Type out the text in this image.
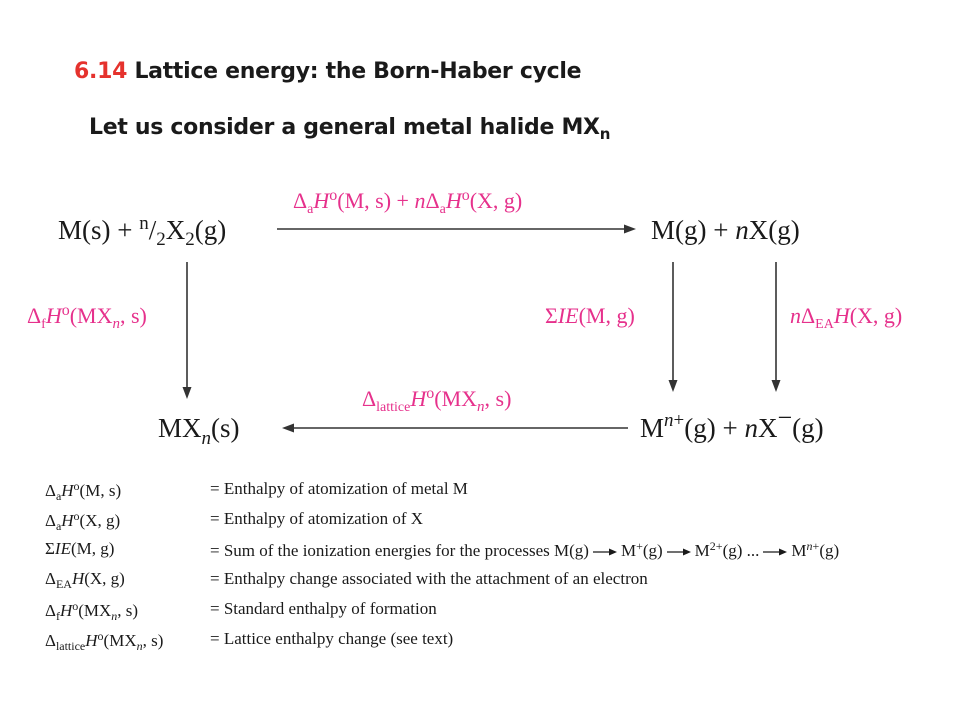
6.14 Lattice energy: the Born-Haber cycle
Let us consider a general metal halide $MX_n$
$M(s) + ^n/_2X_2(g)$	M(g) + nX(g)
$MX_n(s)$	$M^n+(g) + nX-(g)$
$\Delta_aH^o(M$, $s) + n\Delta_aH^o(X$, g)
$\Delta_fH^o(MX_n$, s)	ΣIE(M, g)	$n\Delta_{EA}H(X$, g)
$\Delta_{lattice}H^o(MX_n$, s)
$\Delta_aH^o(M$, s)	= Enthalpy of atomization of metal M
$\Delta_aH^o(X$, g)	= Enthalpy of atomization of X
ΣIE(M, g)	= Sum of the ionization energies for the processes M(g) M+(g) $M^{2+}(g)$ ... $M^{n+}(g)$
$\Delta_{EA}H(X$, g)	= Enthalpy change associated with the attachment of an electron
$\Delta_fH^o(MX_n$, s)	= Standard enthalpy of formation
$\Delta_{lattice}H^o(MX_n$, s)	= Lattice enthalpy change (see text)
